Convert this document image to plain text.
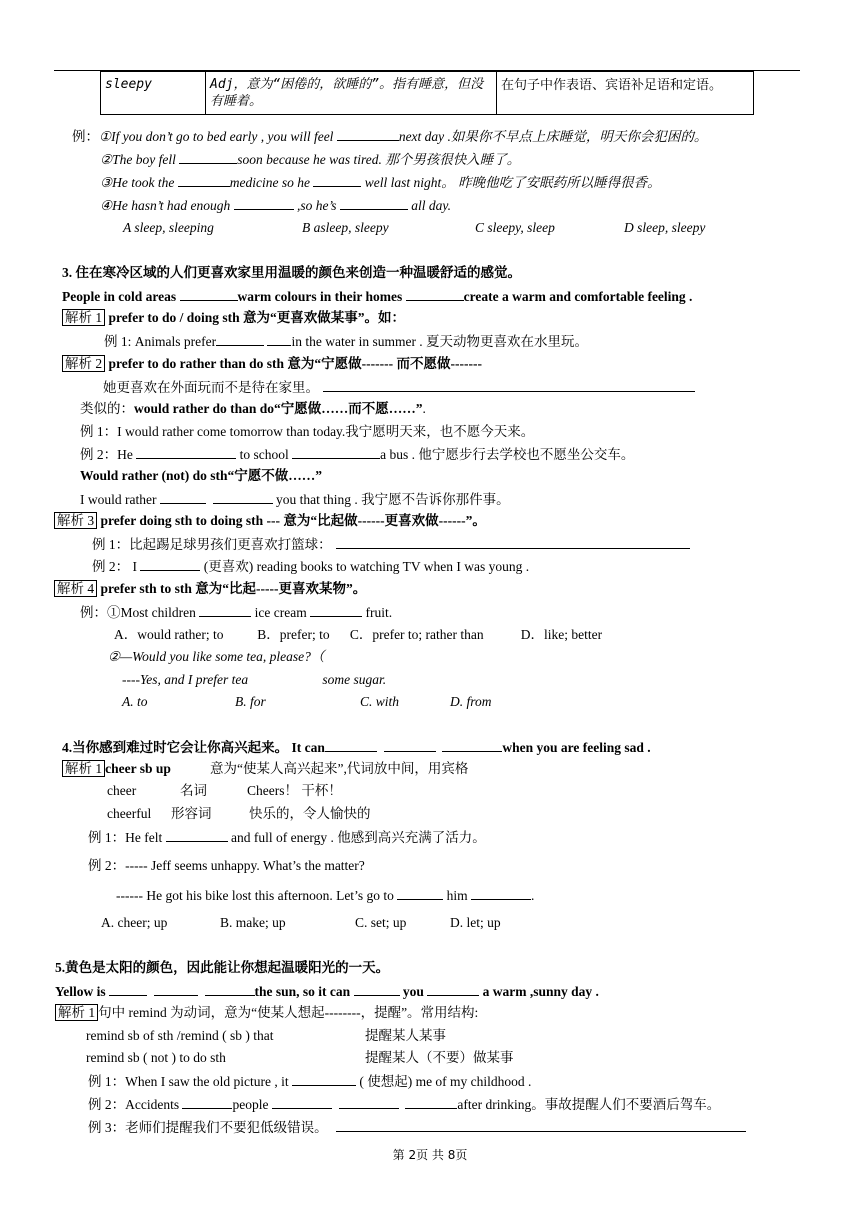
sleepy	Adj，意为“困倦的，欲睡的”。指有睡意，但没有睡着。	在句子中作表语、宾语补足语和定语。
例：①If you don’t go to bed early , you will feel	next day .如果你不早点上床睡觉，明天你会犯困的。
②The boy fell	soon because he was tired. 那个男孩很快入睡了。
③He took the	medicine so he	well last night。 昨晚他吃了安眠药所以睡得很香。
④He hasn’t had enough	,so he’s	all day.
A sleep, sleeping	B asleep, sleepy	C sleepy, sleep	D sleep, sleepy
3. 住在寒冷区域的人们更喜欢家里用温暖的颜色来创造一种温暖舒适的感觉。
People in cold areas	warm colours in their homes	create a warm and comfortable feeling .
解析 1 prefer to do / doing sth 意为“更喜欢做某事”。如：
例 1: Animals prefer	in the water in summer . 夏天动物更喜欢在水里玩。
解析 2 prefer to do rather than do sth 意为“宁愿做------- 而不愿做-------
她更喜欢在外面玩而不是待在家里。
类似的：would rather do than do“宁愿做……而不愿……”.
例 1：I would rather come tomorrow than today.我宁愿明天来，也不愿今天来。
例 2：He	to school	a bus . 他宁愿步行去学校也不愿坐公交车。
Would rather (not) do sth“宁愿不做……”
I would rather	you that thing . 我宁愿不告诉你那件事。
解析 3 prefer doing sth to doing sth --- 意为“比起做------更喜欢做------”。
例 1：比起踢足球男孩们更喜欢打篮球：
例 2： I	(更喜欢) reading books to watching TV when I was young .
解析 4 prefer sth to sth 意为“比起-----更喜欢某物”。
例：①Most children	ice cream	fruit.
A．would rather; to          B．prefer; to      C．prefer to; rather than           D．like; better
②—Would you like some tea, please?（
----Yes, and I prefer tea                      some sugar.
A. to	B. for	C. with	D. from
4.当你感到难过时它会让你高兴起来。 It can	when you are feeling sad .
解析 1 cheer sb up	意为“使某人高兴起来”,代词放中间，用宾格
cheer	名词	Cheers！ 干杯！
cheerful 形容词	快乐的，令人愉快的
例 1：He felt	and full of energy . 他感到高兴充满了活力。
例 2：----- Jeff seems unhappy. What’s the matter?
------ He got his bike lost this afternoon. Let’s go to	him	.
A. cheer; up	B. make; up	C. set; up	D. let; up
5.黄色是太阳的颜色，因此能让你想起温暖阳光的一天。
Yellow is	the sun, so it can	you	a warm ,sunny day .
解析 1 句中 remind 为动词，意为“使某人想起--------，提醒”。常用结构:
remind sb of sth /remind ( sb ) that	提醒某人某事
remind sb ( not ) to do sth	提醒某人（不要）做某事
例 1：When I saw the old picture , it	( 使想起) me of my childhood .
例 2：Accidents	people	after drinking。事故提醒人们不要酒后驾车。
例 3：老师们提醒我们不要犯低级错误。
第 2页 共 8页
